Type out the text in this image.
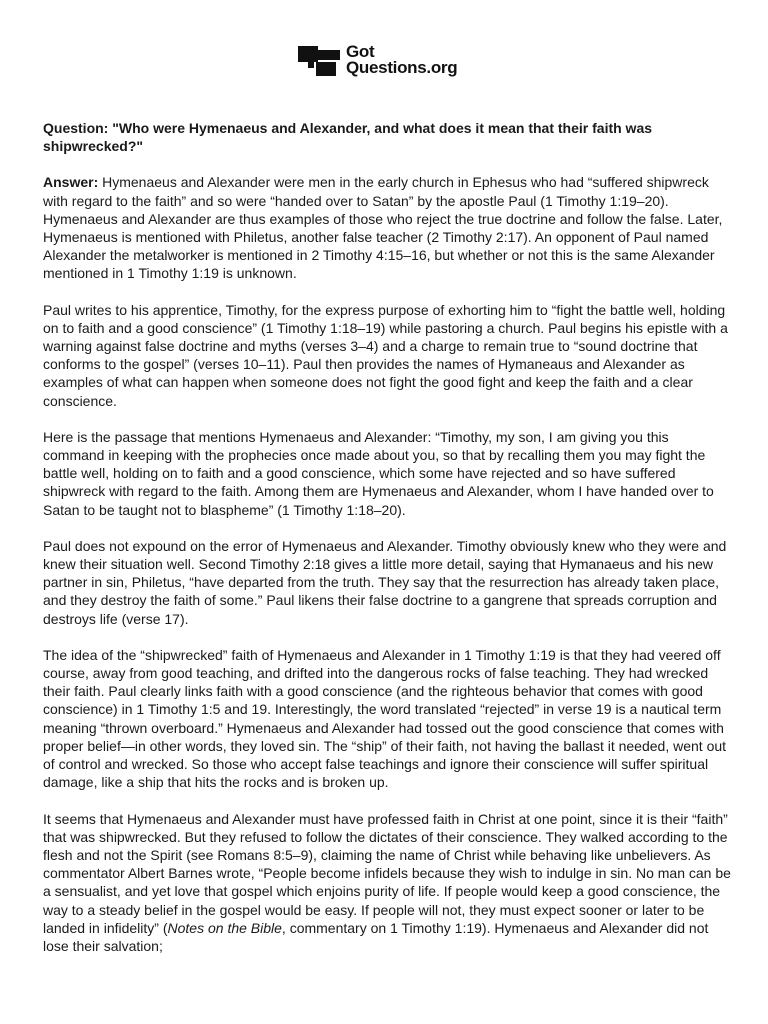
Got
Questions.org

Question: "Who were Hymenaeus and Alexander, and what does it mean that their faith was shipwrecked?"

Answer: Hymenaeus and Alexander were men in the early church in Ephesus who had “suffered shipwreck with regard to the faith” and so were “handed over to Satan” by the apostle Paul (1 Timothy 1:19–20). Hymenaeus and Alexander are thus examples of those who reject the true doctrine and follow the false. Later, Hymenaeus is mentioned with Philetus, another false teacher (2 Timothy 2:17). An opponent of Paul named Alexander the metalworker is mentioned in 2 Timothy 4:15–16, but whether or not this is the same Alexander mentioned in 1 Timothy 1:19 is unknown.

Paul writes to his apprentice, Timothy, for the express purpose of exhorting him to “fight the battle well, holding on to faith and a good conscience” (1 Timothy 1:18–19) while pastoring a church. Paul begins his epistle with a warning against false doctrine and myths (verses 3–4) and a charge to remain true to “sound doctrine that conforms to the gospel” (verses 10–11). Paul then provides the names of Hymaneaus and Alexander as examples of what can happen when someone does not fight the good fight and keep the faith and a clear conscience.

Here is the passage that mentions Hymenaeus and Alexander: “Timothy, my son, I am giving you this command in keeping with the prophecies once made about you, so that by recalling them you may fight the battle well, holding on to faith and a good conscience, which some have rejected and so have suffered shipwreck with regard to the faith. Among them are Hymenaeus and Alexander, whom I have handed over to Satan to be taught not to blaspheme” (1 Timothy 1:18–20).

Paul does not expound on the error of Hymenaeus and Alexander. Timothy obviously knew who they were and knew their situation well. Second Timothy 2:18 gives a little more detail, saying that Hymanaeus and his new partner in sin, Philetus, “have departed from the truth. They say that the resurrection has already taken place, and they destroy the faith of some.” Paul likens their false doctrine to a gangrene that spreads corruption and destroys life (verse 17).

The idea of the “shipwrecked” faith of Hymenaeus and Alexander in 1 Timothy 1:19 is that they had veered off course, away from good teaching, and drifted into the dangerous rocks of false teaching. They had wrecked their faith. Paul clearly links faith with a good conscience (and the righteous behavior that comes with good conscience) in 1 Timothy 1:5 and 19. Interestingly, the word translated “rejected” in verse 19 is a nautical term meaning “thrown overboard.” Hymenaeus and Alexander had tossed out the good conscience that comes with proper belief—in other words, they loved sin. The “ship” of their faith, not having the ballast it needed, went out of control and wrecked. So those who accept false teachings and ignore their conscience will suffer spiritual damage, like a ship that hits the rocks and is broken up.

It seems that Hymenaeus and Alexander must have professed faith in Christ at one point, since it is their “faith” that was shipwrecked. But they refused to follow the dictates of their conscience. They walked according to the flesh and not the Spirit (see Romans 8:5–9), claiming the name of Christ while behaving like unbelievers. As commentator Albert Barnes wrote, “People become infidels because they wish to indulge in sin. No man can be a sensualist, and yet love that gospel which enjoins purity of life. If people would keep a good conscience, the way to a steady belief in the gospel would be easy. If people will not, they must expect sooner or later to be landed in infidelity” (Notes on the Bible, commentary on 1 Timothy 1:19). Hymenaeus and Alexander did not lose their salvation;
